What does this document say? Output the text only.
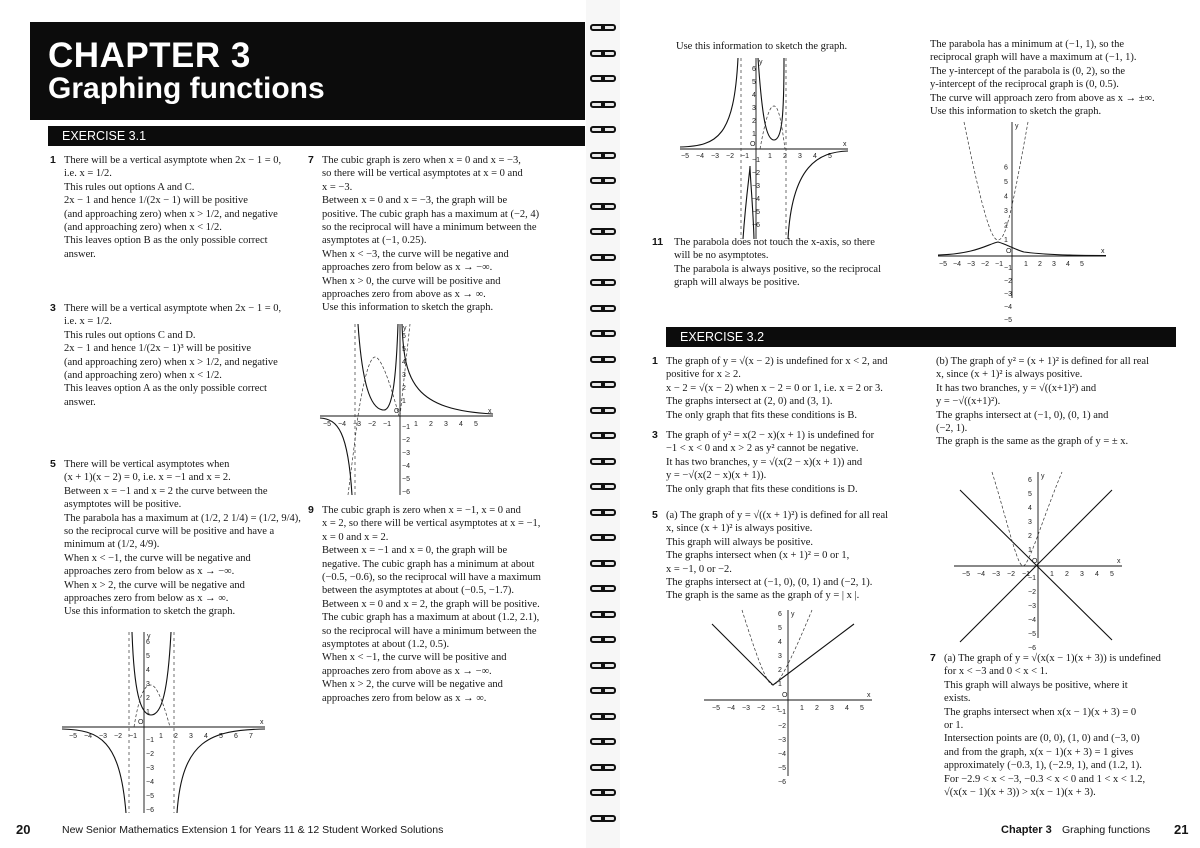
CHAPTER 3
Graphing functions
EXERCISE 3.1
1 There will be a vertical asymptote when 2x − 1 = 0,
i.e. x = 1/2.
This rules out options A and C.
2x − 1 and hence 1/(2x − 1) will be positive
(and approaching zero) when x > 1/2, and negative
(and approaching zero) when x < 1/2.
This leaves option B as the only possible correct
answer.
3 There will be a vertical asymptote when 2x − 1 = 0,
i.e. x = 1/2.
This rules out options C and D.
2x − 1 and hence 1/(2x − 1)³ will be positive
(and approaching zero) when x > 1/2, and negative
(and approaching zero) when x < 1/2.
This leaves option A as the only possible correct
answer.
5 There will be vertical asymptotes when
(x + 1)(x − 2) = 0, i.e. x = −1 and x = 2.
Between x = −1 and x = 2 the curve between the
asymptotes will be positive.
The parabola has a maximum at (1/2, 2 1/4) = (1/2, 9/4),
so the reciprocal curve will be positive and have a
minimum at (1/2, 4/9).
When x < −1, the curve will be negative and
approaches zero from below as x → −∞.
When x > 2, the curve will be negative and
approaches zero from below as x → ∞.
Use this information to sketch the graph.
7 The cubic graph is zero when x = 0 and x = −3,
so there will be vertical asymptotes at x = 0 and
x = −3.
Between x = 0 and x = −3, the graph will be
positive. The cubic graph has a maximum at (−2, 4)
so the reciprocal will have a minimum between the
asymptotes at (−1, 0.25).
When x < −3, the curve will be negative and
approaches zero from below as x → −∞.
When x > 0, the curve will be positive and
approaches zero from above as x → ∞.
Use this information to sketch the graph.
9 The cubic graph is zero when x = −1, x = 0 and
x = 2, so there will be vertical asymptotes at x = −1,
x = 0 and x = 2.
Between x = −1 and x = 0, the graph will be
negative. The cubic graph has a minimum at about
(−0.5, −0.6), so the reciprocal will have a maximum
between the asymptotes at about (−0.5, −1.7).
Between x = 0 and x = 2, the graph will be positive.
The cubic graph has a maximum at about (1.2, 2.1),
so the reciprocal will have a minimum between the
asymptotes at about (1.2, 0.5).
When x < −1, the curve will be positive and
approaches zero from above as x → −∞.
When x > 2, the curve will be negative and
approaches zero from below as x → ∞.
x
y
O
−5 −4 −3 −2 −1	1 2 3 4 5 6 7
1
2
3
4
5
6
−1
−2
−3
−4
−5
−6
x
y
O
−5 −4 −3 −2 −1	1 2 3 4 5
1
2
3
4
5
6
−1
−2
−3
−4
−5
−6
20	New Senior Mathematics Extension 1 for Years 11 & 12 Student Worked Solutions
Use this information to sketch the graph.
x
y
O
−5 −4 −3 −2 −1	1 2 3 4 5
1
2
3
4
5
6
−1
−2
−3
−4
−5
−6
11 The parabola does not touch the x-axis, so there
will be no asymptotes.
The parabola is always positive, so the reciprocal
graph will always be positive.
The parabola has a minimum at (−1, 1), so the
reciprocal graph will have a maximum at (−1, 1).
The y-intercept of the parabola is (0, 2), so the
y-intercept of the reciprocal graph is (0, 0.5).
The curve will approach zero from above as x → ±∞.
Use this information to sketch the graph.
x
y
O
−5 −4 −3 −2 −1	1 2 3 4 5
1
2
3
4
5
6
−1
−2
−3
−4
−5
EXERCISE 3.2
1 The graph of y = √(x − 2) is undefined for x < 2, and
positive for x ≥ 2.
x − 2 = √(x − 2) when x − 2 = 0 or 1, i.e. x = 2 or 3.
The graphs intersect at (2, 0) and (3, 1).
The only graph that fits these conditions is B.
3 The graph of y² = x(2 − x)(x + 1) is undefined for
−1 < x < 0 and x > 2 as y² cannot be negative.
It has two branches, y = √(x(2 − x)(x + 1)) and
y = −√(x(2 − x)(x + 1)).
The only graph that fits these conditions is D.
5 (a) The graph of y = √((x + 1)²) is defined for all real
x, since (x + 1)² is always positive.
This graph will always be positive.
The graphs intersect when (x + 1)² = 0 or 1,
x = −1, 0 or −2.
The graphs intersect at (−1, 0), (0, 1) and (−2, 1).
The graph is the same as the graph of y = | x |.
x
y
O
−5 −4 −3 −2 −1	1 2 3 4 5
1
2
3
4
5
6
−1
−2
−3
−4
−5
−6
(b) The graph of y² = (x + 1)² is defined for all real
x, since (x + 1)² is always positive.
It has two branches, y = √((x+1)²) and
y = −√((x+1)²).
The graphs intersect at (−1, 0), (0, 1) and
(−2, 1).
The graph is the same as the graph of y = ± x.
x
y
O
−5 −4 −3 −2 −1	1 2 3 4 5
1
2
3
4
5
6
−1
−2
−3
−4
−5
−6
7 (a) The graph of y = √(x(x − 1)(x + 3)) is undefined
for x < −3 and 0 < x < 1.
This graph will always be positive, where it
exists.
The graphs intersect when x(x − 1)(x + 3) = 0
or 1.
Intersection points are (0, 0), (1, 0) and (−3, 0)
and from the graph, x(x − 1)(x + 3) = 1 gives
approximately (−0.3, 1), (−2.9, 1), and (1.2, 1).
For −2.9 < x < −3, −0.3 < x < 0 and 1 < x < 1.2,
√(x(x − 1)(x + 3)) > x(x − 1)(x + 3).
Chapter 3 Graphing functions 21
